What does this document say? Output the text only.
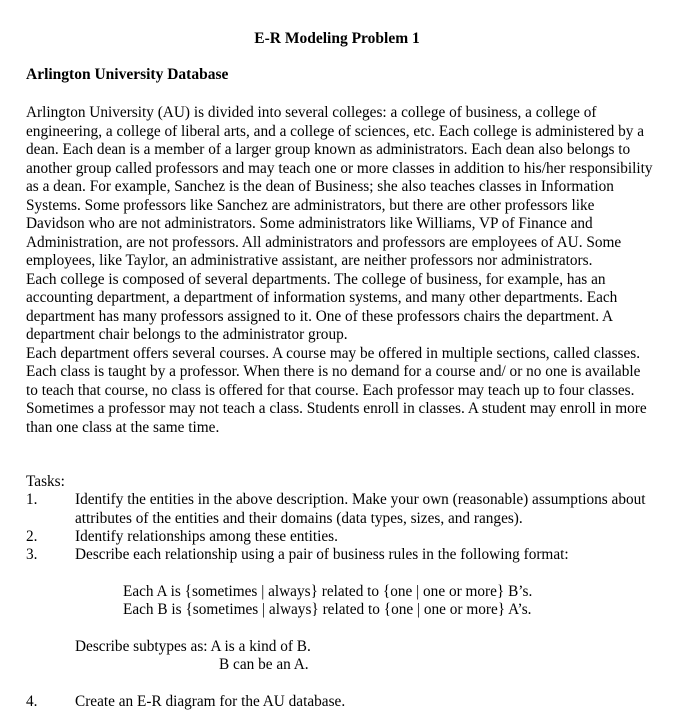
E-R Modeling Problem 1
Arlington University Database

Arlington University (AU) is divided into several colleges: a college of business, a college of engineering, a college of liberal arts, and a college of sciences, etc. Each college is administered by a dean. Each dean is a member of a larger group known as administrators. Each dean also belongs to another group called professors and may teach one or more classes in addition to his/her responsibility as a dean. For example, Sanchez is the dean of Business; she also teaches classes in Information Systems. Some professors like Sanchez are administrators, but there are other professors like Davidson who are not administrators. Some administrators like Williams, VP of Finance and Administration, are not professors. All administrators and professors are employees of AU. Some employees, like Taylor, an administrative assistant, are neither professors nor administrators.

Each college is composed of several departments. The college of business, for example, has an accounting department, a department of information systems, and many other departments. Each department has many professors assigned to it. One of these professors chairs the department. A department chair belongs to the administrator group.

Each department offers several courses. A course may be offered in multiple sections, called classes. Each class is taught by a professor. When there is no demand for a course and/ or no one is available to teach that course, no class is offered for that course. Each professor may teach up to four classes. Sometimes a professor may not teach a class. Students enroll in classes. A student may enroll in more than one class at the same time.

Tasks:
1. Identify the entities in the above description. Make your own (reasonable) assumptions about attributes of the entities and their domains (data types, sizes, and ranges).
2. Identify relationships among these entities.
3. Describe each relationship using a pair of business rules in the following format:
Each A is {sometimes | always} related to {one | one or more} B’s.
Each B is {sometimes | always} related to {one | one or more} A’s.
Describe subtypes as: A is a kind of B.
B can be an A.
4. Create an E-R diagram for the AU database.
